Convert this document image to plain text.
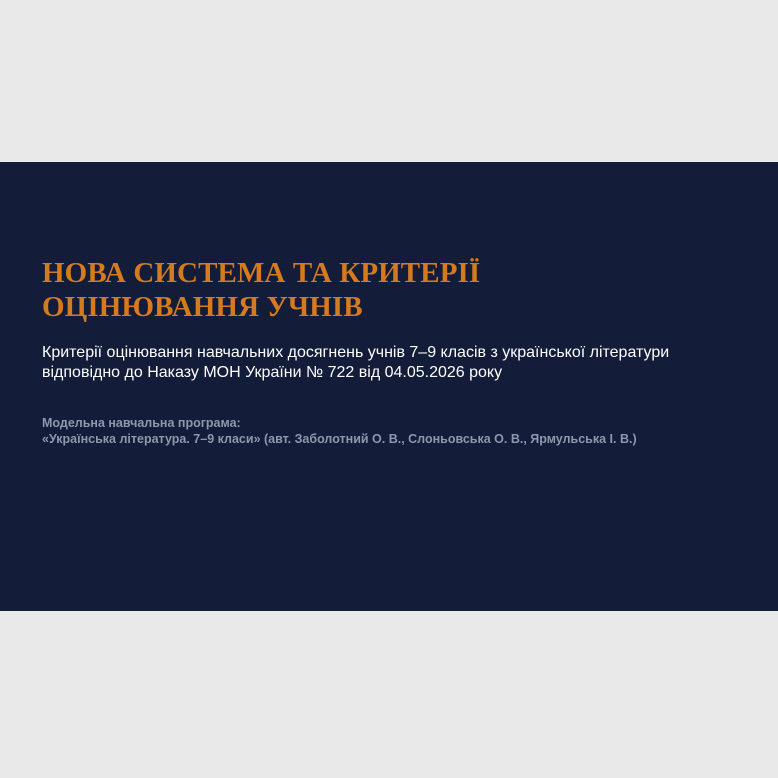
НОВА СИСТЕМА ТА КРИТЕРІЇ
ОЦІНЮВАННЯ УЧНІВ

Критерії оцінювання навчальних досягнень учнів 7–9 класів з української літератури
відповідно до Наказу МОН України № 722 від 04.05.2026 року

Модельна навчальна програма:
«Українська література. 7–9 класи» (авт. Заболотний О. В., Слоньовська О. В., Ярмульська І. В.)
